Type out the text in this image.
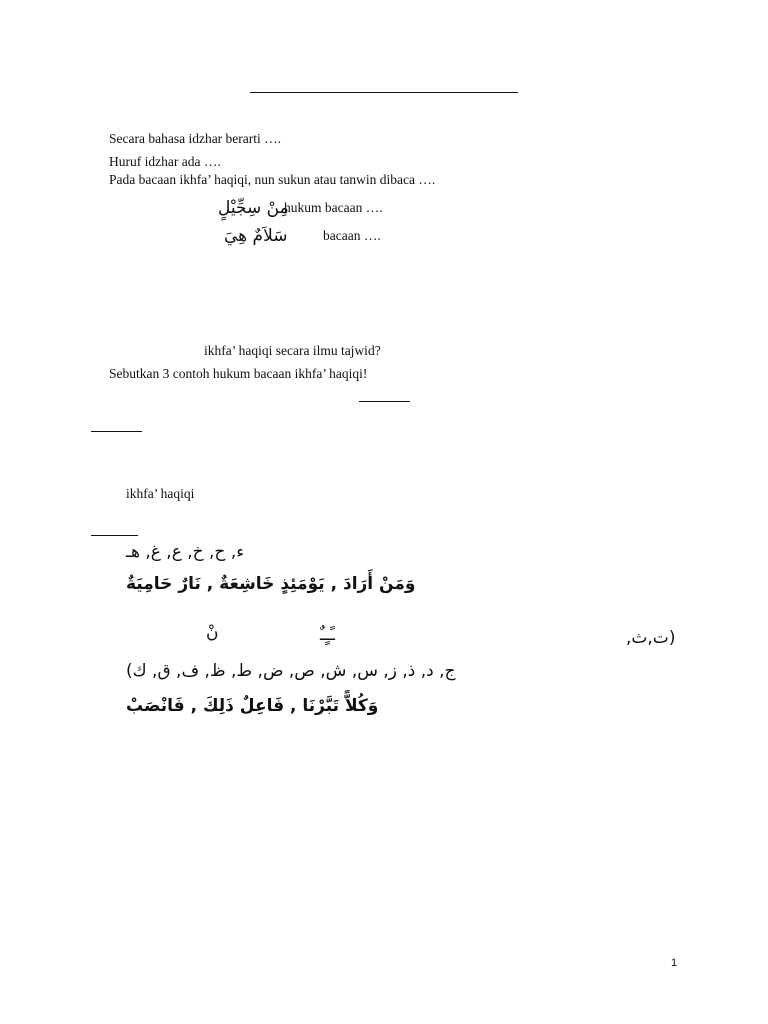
Secara bahasa idzhar berarti ….
Huruf idzhar ada ….
Pada bacaan ikhfa’ haqiqi, nun sukun atau tanwin dibaca ….
مِنْ سِجِّيْلٍ
hukum bacaan ….
سَلاَمٌ هِيَ	bacaan ….
ikhfa’ haqiqi secara ilmu tajwid?
Sebutkan 3 contoh hukum bacaan ikhfa’ haqiqi!
ikhfa’ haqiqi
ء, ح, خ, ع, غ, هـ
وَمَنْ أَرَادَ , يَوْمَئِذٍ خَاشِعَةٌ , نَارٌ حَامِيَةٌ
نْ	ـًـٍـٌ	(ت,ث,
ج, د, ذ, ز, س, ش, ص, ض, ط, ظ, ف, ق, ك)
وَكُلاًّ تَبَّرْنَا , فَاعِلٌ ذَلِكَ , فَانْصَبْ
1
